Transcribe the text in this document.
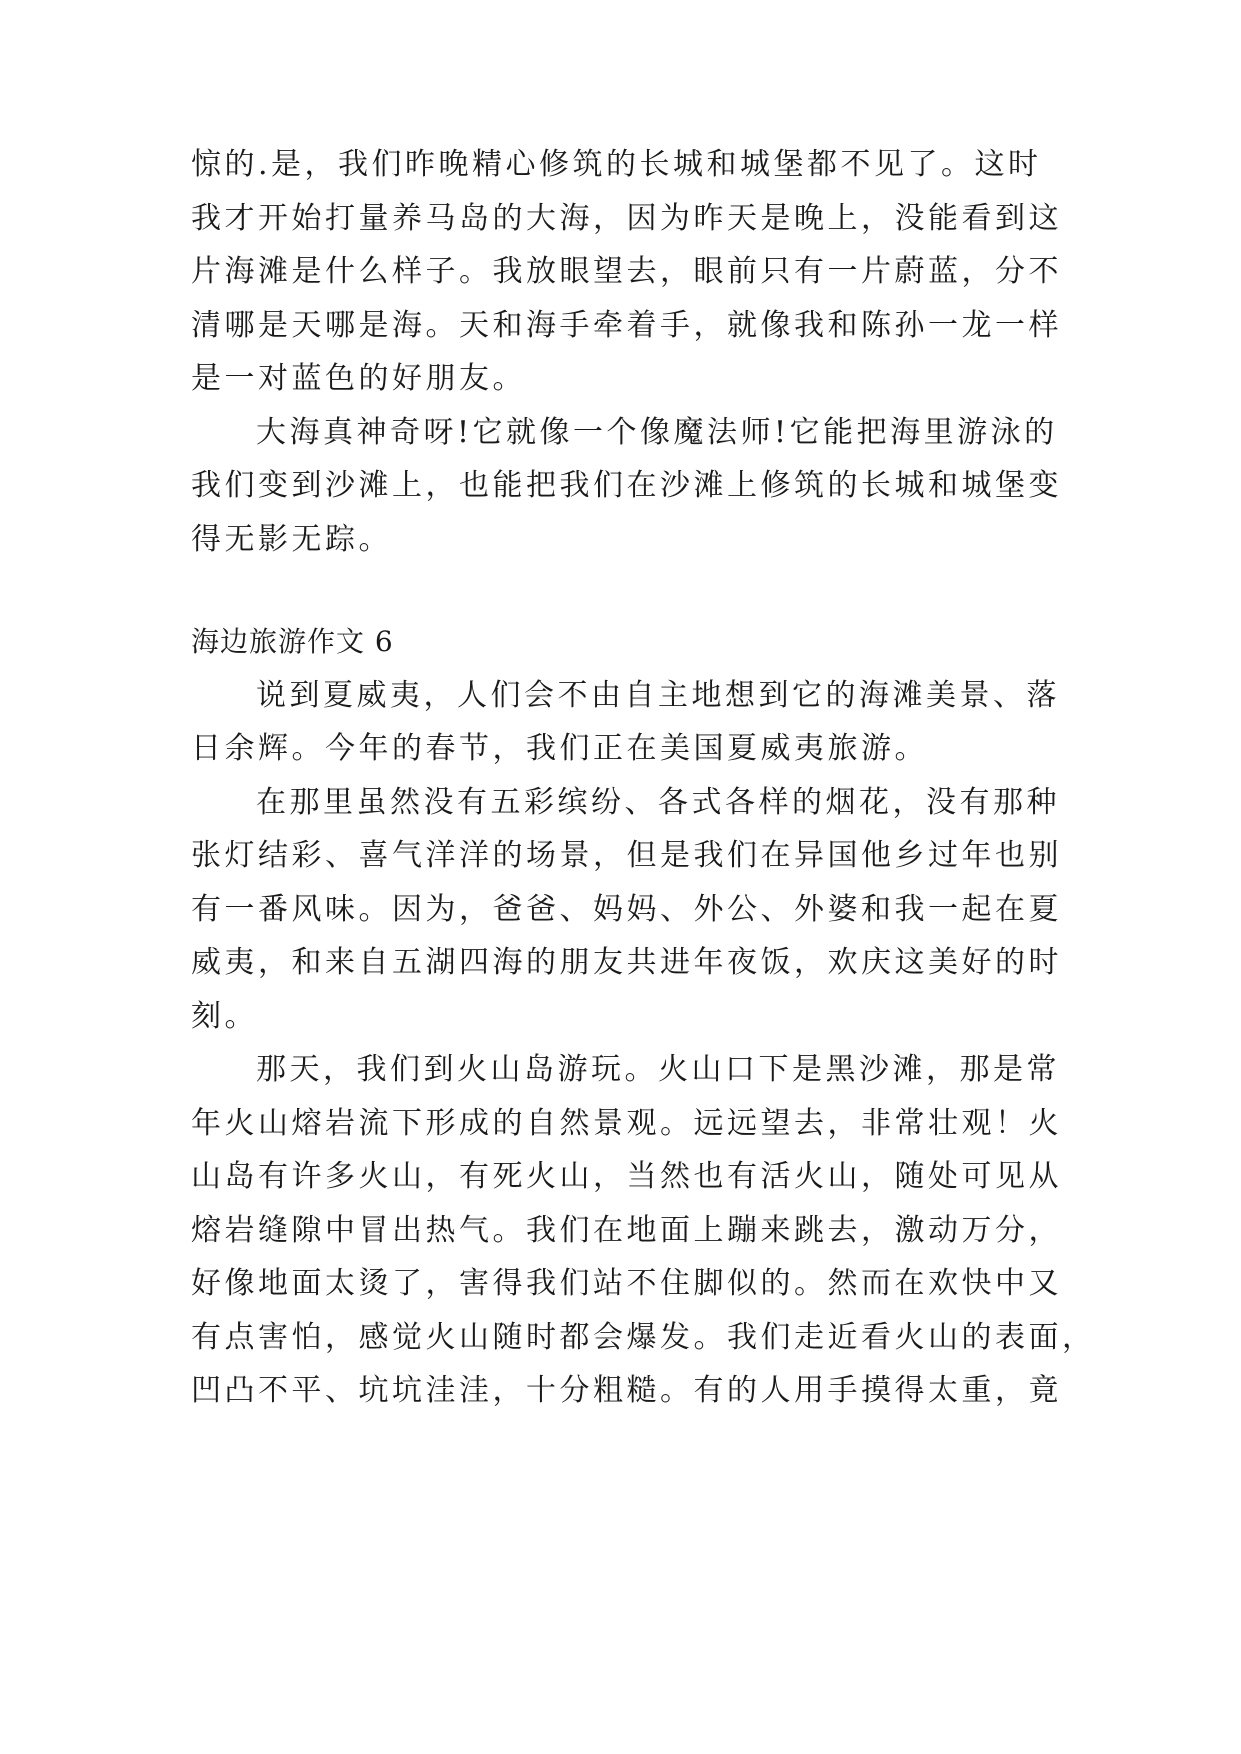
惊的.是，我们昨晚精心修筑的长城和城堡都不见了。这时
我才开始打量养马岛的大海，因为昨天是晚上，没能看到这
片海滩是什么样子。我放眼望去，眼前只有一片蔚蓝，分不
清哪是天哪是海。天和海手牵着手，就像我和陈孙一龙一样
是一对蓝色的好朋友。
大海真神奇呀!它就像一个像魔法师!它能把海里游泳的
我们变到沙滩上，也能把我们在沙滩上修筑的长城和城堡变
得无影无踪。
海边旅游作文 6
说到夏威夷，人们会不由自主地想到它的海滩美景、落
日余辉。今年的春节，我们正在美国夏威夷旅游。
在那里虽然没有五彩缤纷、各式各样的烟花，没有那种
张灯结彩、喜气洋洋的场景，但是我们在异国他乡过年也别
有一番风味。因为，爸爸、妈妈、外公、外婆和我一起在夏
威夷，和来自五湖四海的朋友共进年夜饭，欢庆这美好的时
刻。
那天，我们到火山岛游玩。火山口下是黑沙滩，那是常
年火山熔岩流下形成的自然景观。远远望去，非常壮观！火
山岛有许多火山，有死火山，当然也有活火山，随处可见从
熔岩缝隙中冒出热气。我们在地面上蹦来跳去，激动万分，
好像地面太烫了，害得我们站不住脚似的。然而在欢快中又
有点害怕，感觉火山随时都会爆发。我们走近看火山的表面，
凹凸不平、坑坑洼洼，十分粗糙。有的人用手摸得太重，竟
